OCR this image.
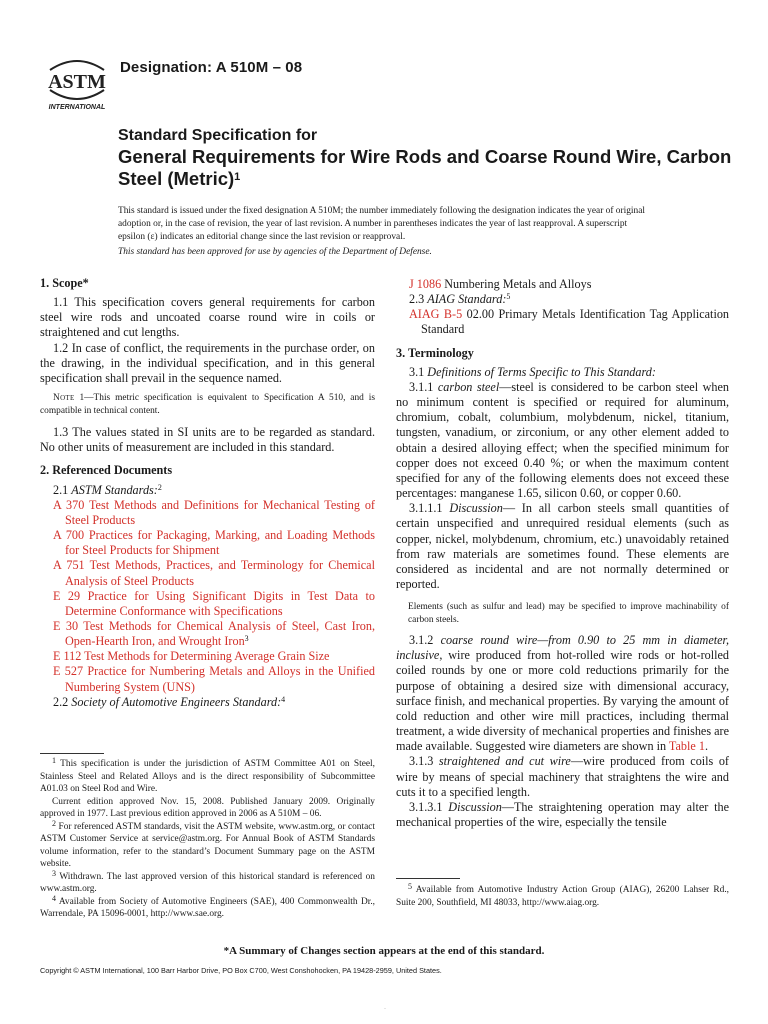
ASTM
INTERNATIONAL
Designation: A 510M – 08
Standard Specification for
General Requirements for Wire Rods and Coarse Round Wire, Carbon Steel (Metric)$^1$
This standard is issued under the fixed designation A 510M; the number immediately following the designation indicates the year of original adoption or, in the case of revision, the year of last revision. A number in parentheses indicates the year of last reapproval. A superscript epsilon (ε) indicates an editorial change since the last revision or reapproval.
This standard has been approved for use by agencies of the Department of Defense.

1. Scope*

1.1 This specification covers general requirements for carbon steel wire rods and uncoated coarse round wire in coils or straightened and cut lengths.

1.2 In case of conflict, the requirements in the purchase order, on the drawing, in the individual specification, and in this general specification shall prevail in the sequence named.

Note 1—This metric specification is equivalent to Specification A 510, and is compatible in technical content.

1.3 The values stated in SI units are to be regarded as standard. No other units of measurement are included in this standard.

2. Referenced Documents

2.1 ASTM Standards:$^2$

A 370 Test Methods and Definitions for Mechanical Testing of Steel Products

A 700 Practices for Packaging, Marking, and Loading Methods for Steel Products for Shipment

A 751 Test Methods, Practices, and Terminology for Chemical Analysis of Steel Products

E 29 Practice for Using Significant Digits in Test Data to Determine Conformance with Specifications

E 30 Test Methods for Chemical Analysis of Steel, Cast Iron, Open-Hearth Iron, and Wrought Iron$^3$

E 112 Test Methods for Determining Average Grain Size

E 527 Practice for Numbering Metals and Alloys in the Unified Numbering System (UNS)

2.2 Society of Automotive Engineers Standard:$^4$

J 1086 Numbering Metals and Alloys

2.3 AIAG Standard:$^5$

AIAG B-5 02.00 Primary Metals Identification Tag Application Standard

3. Terminology

3.1 Definitions of Terms Specific to This Standard:

3.1.1 carbon steel—steel is considered to be carbon steel when no minimum content is specified or required for aluminum, chromium, cobalt, columbium, molybdenum, nickel, titanium, tungsten, vanadium, or zirconium, or any other element added to obtain a desired alloying effect; when the specified minimum for copper does not exceed 0.40 %; or when the maximum content specified for any of the following elements does not exceed these percentages: manganese 1.65, silicon 0.60, or copper 0.60.

3.1.1.1 Discussion— In all carbon steels small quantities of certain unspecified and unrequired residual elements (such as copper, nickel, molybdenum, chromium, etc.) unavoidably retained from raw materials are sometimes found. These elements are considered as incidental and are not normally determined or reported.

Elements (such as sulfur and lead) may be specified to improve machinability of carbon steels.

3.1.2 coarse round wire—from 0.90 to 25 mm in diameter, inclusive, wire produced from hot-rolled wire rods or hot-rolled coiled rounds by one or more cold reductions primarily for the purpose of obtaining a desired size with dimensional accuracy, surface finish, and mechanical properties. By varying the amount of cold reduction and other wire mill practices, including thermal treatment, a wide diversity of mechanical properties and finishes are made available. Suggested wire diameters are shown in Table 1.

3.1.3 straightened and cut wire—wire produced from coils of wire by means of special machinery that straightens the wire and cuts it to a specified length.

3.1.3.1 Discussion—The straightening operation may alter the mechanical properties of the wire, especially the tensile

$^1$ This specification is under the jurisdiction of ASTM Committee A01 on Steel, Stainless Steel and Related Alloys and is the direct responsibility of Subcommittee A01.03 on Steel Rod and Wire.

Current edition approved Nov. 15, 2008. Published January 2009. Originally approved in 1977. Last previous edition approved in 2006 as A 510M – 06.

$^2$ For referenced ASTM standards, visit the ASTM website, www.astm.org, or contact ASTM Customer Service at service@astm.org. For Annual Book of ASTM Standards volume information, refer to the standard’s Document Summary page on the ASTM website.

$^3$ Withdrawn. The last approved version of this historical standard is referenced on www.astm.org.

$^4$ Available from Society of Automotive Engineers (SAE), 400 Commonwealth Dr., Warrendale, PA 15096-0001, http://www.sae.org.

$^5$ Available from Automotive Industry Action Group (AIAG), 26200 Lahser Rd., Suite 200, Southfield, MI 48033, http://www.aiag.org.

*A Summary of Changes section appears at the end of this standard.
Copyright © ASTM International, 100 Barr Harbor Drive, PO Box C700, West Conshohocken, PA 19428-2959, United States.
·
